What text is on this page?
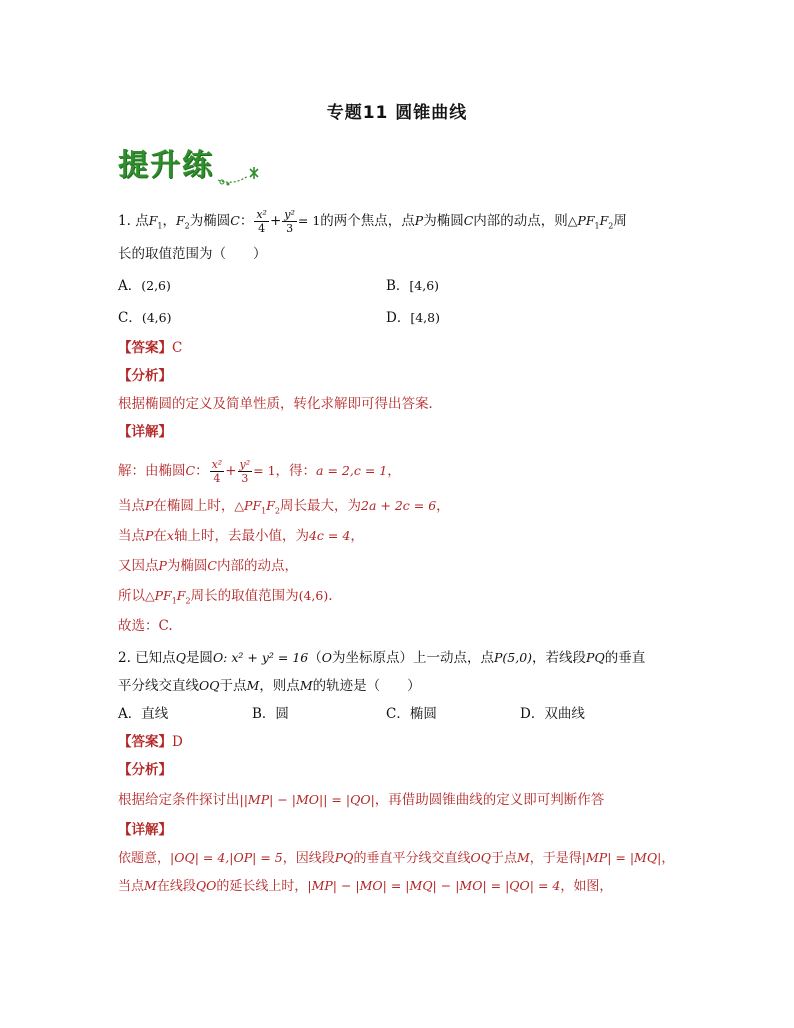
专题11 圆锥曲线
提升练
1. 点$F_1$，$F_2$为椭圆C： $\frac{\text{x²}}{4} + \frac{\text{y²}}{3} = 1$的两个焦点，点P为椭圆C内部的动点，则$\triangle PF_1F_2$周
长的取值范围为（　　）
A．(2,6)	B．[4,6)
C．(4,6)	D．[4,8)
【答案】C
【分析】
根据椭圆的定义及简单性质，转化求解即可得出答案．
【详解】
解：由椭圆C： $\frac{\text{x²}}{4} + \frac{\text{y²}}{3} = 1$，得：a = 2,c = 1，
当点P在椭圆上时，$\triangle PF_1F_2$周长最大，为2a + 2c = 6，
当点P在x轴上时，去最小值，为4c = 4，
又因点P为椭圆C内部的动点，
所以$\triangle PF_1F_2$周长的取值范围为(4,6).
故选：C.
2. 已知点Q是圆O: x² + y² = 16（O为坐标原点）上一动点，点P(5,0)，若线段PQ的垂直
平分线交直线OQ于点M，则点M的轨迹是（　　）
A．直线	B．圆	C．椭圆	D．双曲线
【答案】D
【分析】
根据给定条件探讨出||MP| − |MO|| = |QO|，再借助圆锥曲线的定义即可判断作答
【详解】
依题意，|OQ| = 4,|OP| = 5，因线段PQ的垂直平分线交直线OQ于点M，于是得|MP| = |MQ|，
当点M在线段QO的延长线上时，|MP| − |MO| = |MQ| − |MO| = |QO| = 4，如图，
